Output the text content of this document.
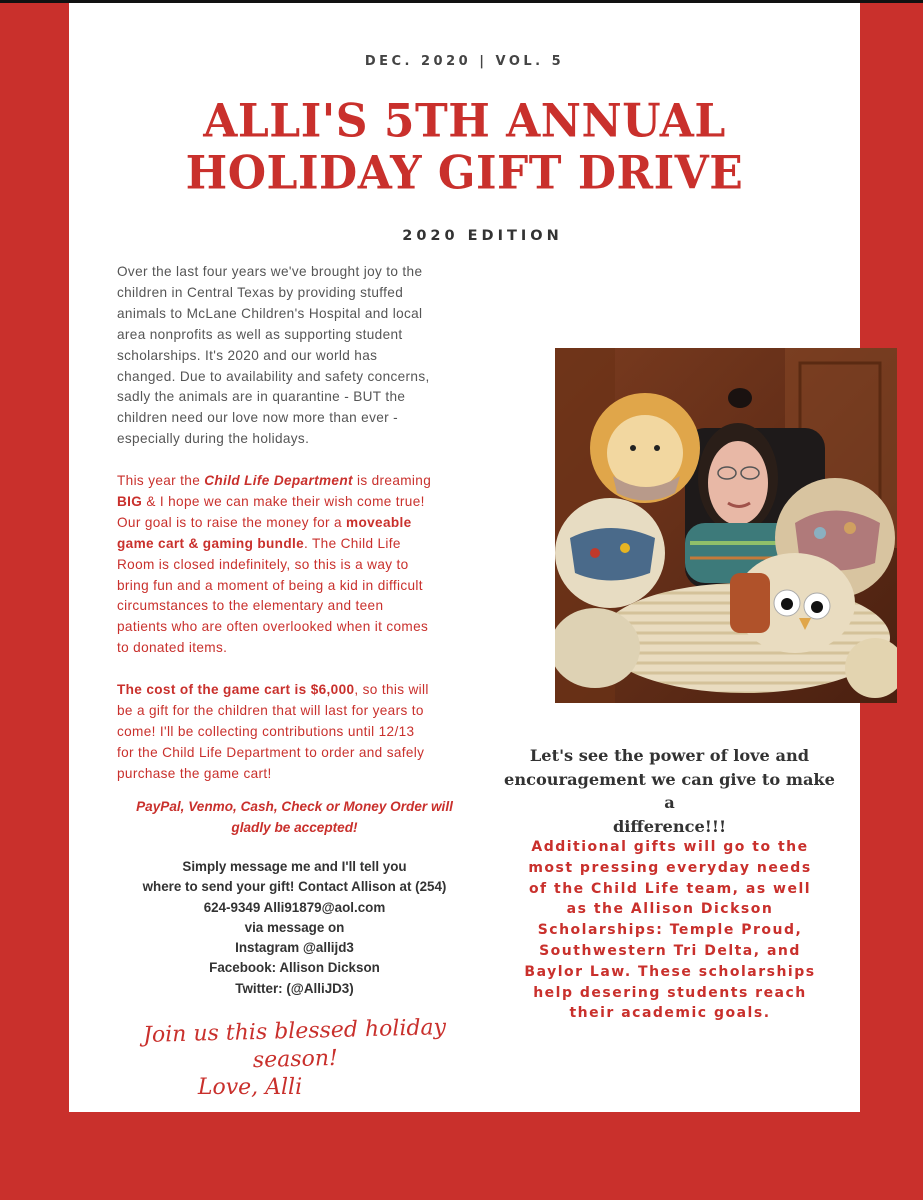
DEC. 2020 | VOL. 5
ALLI'S 5TH ANNUAL
HOLIDAY GIFT DRIVE
2020 EDITION
Over the last four years we've brought joy to the
children in Central Texas by providing stuffed
animals to McLane Children's Hospital and local
area nonprofits as well as supporting student
scholarships. It's 2020 and our world has
changed. Due to availability and safety concerns,
sadly the animals are in quarantine - BUT the
children need our love now more than ever -
especially during the holidays.
This year the Child Life Department is dreaming
BIG & I hope we can make their wish come true!
Our goal is to raise the money for a moveable
game cart & gaming bundle. The Child Life
Room is closed indefinitely, so this is a way to
bring fun and a moment of being a kid in difficult
circumstances to the elementary and teen
patients who are often overlooked when it comes
to donated items.
The cost of the game cart is $6,000, so this will
be a gift for the children that will last for years to
come! I'll be collecting contributions until 12/13
for the Child Life Department to order and safely
purchase the game cart!
PayPal, Venmo, Cash, Check or Money Order will
gladly be accepted!
Simply message me and I'll tell you
where to send your gift! Contact Allison at (254)
624-9349 Alli91879@aol.com
via message on
Instagram @allijd3
Facebook: Allison Dickson
Twitter: (@AlliJD3)
Join us this blessed holiday season!
Love, Alli
Let's see the power of love and
encouragement we can give to make a
difference!!!
Additional gifts will go to the
most pressing everyday needs
of the Child Life team, as well
as the Allison Dickson
Scholarships: Temple Proud,
Southwestern Tri Delta, and
Baylor Law. These scholarships
help desering students reach
their academic goals.
